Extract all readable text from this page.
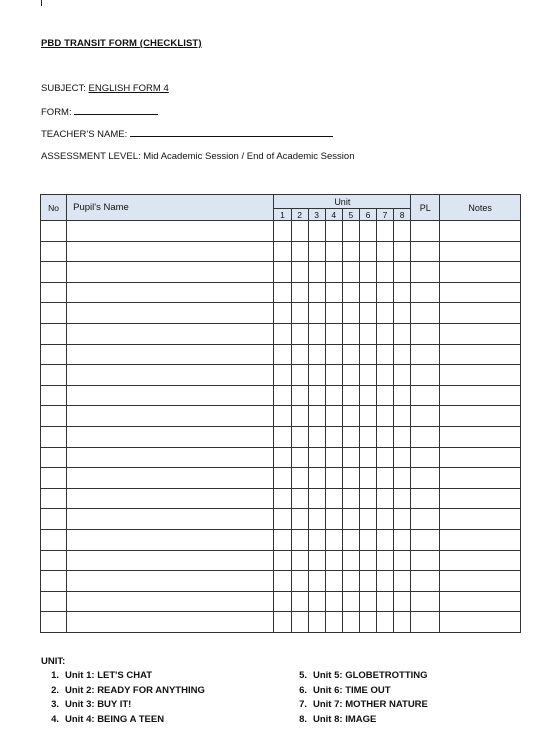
PBD TRANSIT FORM (CHECKLIST)
SUBJECT: ENGLISH FORM 4
FORM:
TEACHER'S NAME:
ASSESSMENT LEVEL: Mid Academic Session / End of Academic Session
No	Pupil's Name	Unit								PL	Notes
		1	2	3	4	5	6	7	8		

UNIT:
1. Unit 1: LET'S CHAT
2. Unit 2: READY FOR ANYTHING
3. Unit 3: BUY IT!
4. Unit 4: BEING A TEEN
5. Unit 5: GLOBETROTTING
6. Unit 6: TIME OUT
7. Unit 7: MOTHER NATURE
8. Unit 8: IMAGE
